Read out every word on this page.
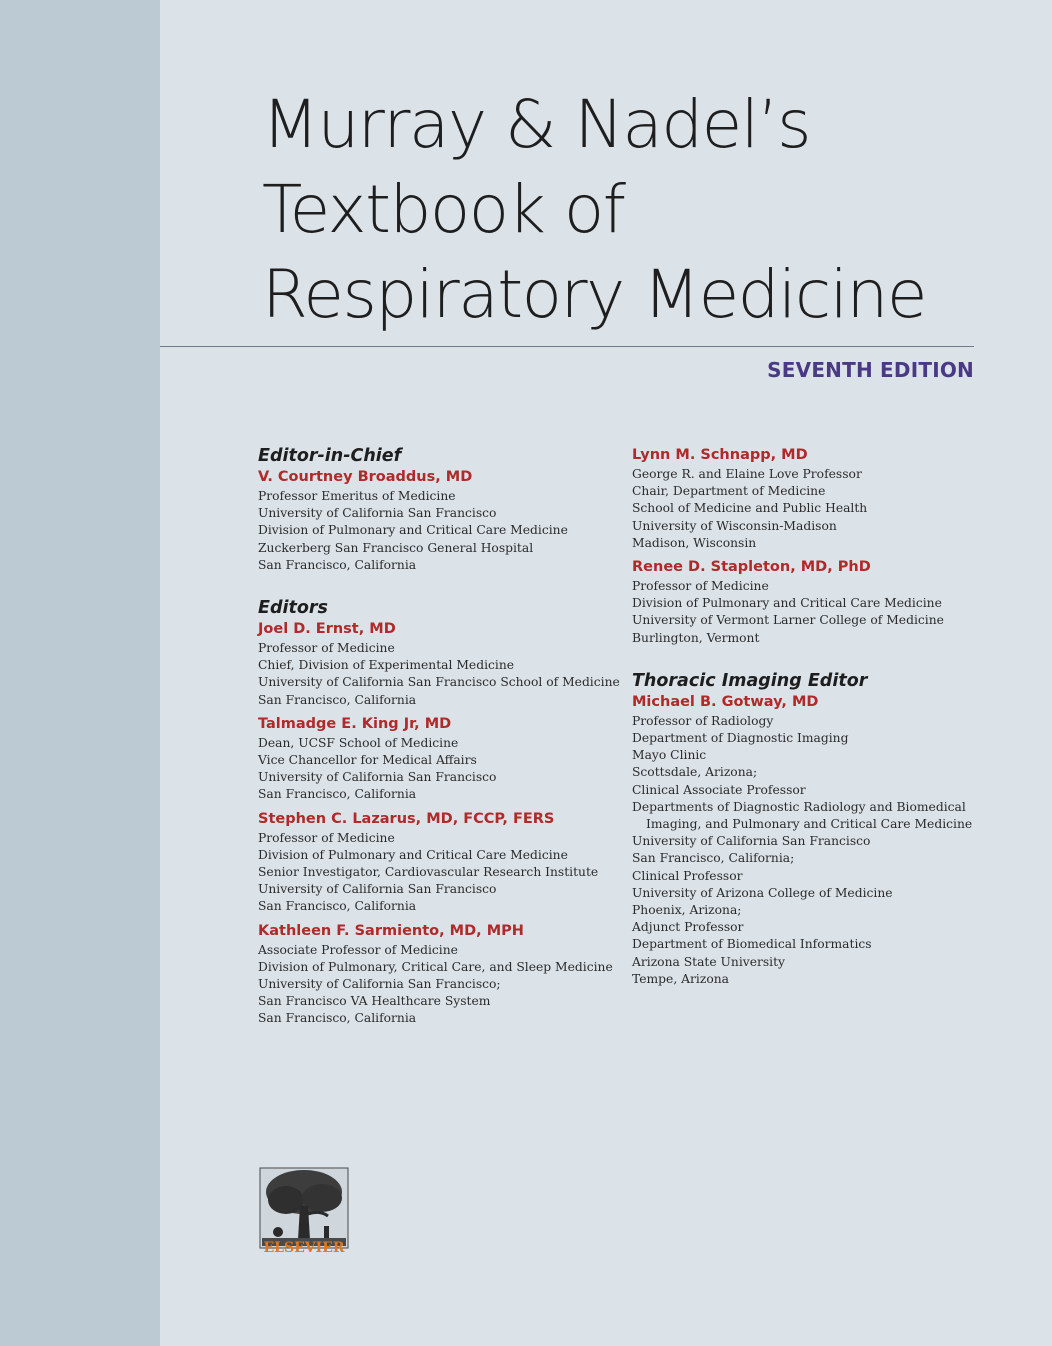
Murray & Nadel’s
Textbook of
Respiratory Medicine

SEVENTH EDITION

Editor-in-Chief

V. Courtney Broaddus, MD

Professor Emeritus of Medicine
University of California San Francisco
Division of Pulmonary and Critical Care Medicine
Zuckerberg San Francisco General Hospital
San Francisco, California
Editors

Joel D. Ernst, MD

Professor of Medicine
Chief, Division of Experimental Medicine
University of California San Francisco School of Medicine
San Francisco, California

Talmadge E. King Jr, MD

Dean, UCSF School of Medicine
Vice Chancellor for Medical Affairs
University of California San Francisco
San Francisco, California

Stephen C. Lazarus, MD, FCCP, FERS

Professor of Medicine
Division of Pulmonary and Critical Care Medicine
Senior Investigator, Cardiovascular Research Institute
University of California San Francisco
San Francisco, California

Kathleen F. Sarmiento, MD, MPH

Associate Professor of Medicine
Division of Pulmonary, Critical Care, and Sleep Medicine
University of California San Francisco;
San Francisco VA Healthcare System
San Francisco, California

Lynn M. Schnapp, MD

George R. and Elaine Love Professor
Chair, Department of Medicine
School of Medicine and Public Health
University of Wisconsin-Madison
Madison, Wisconsin

Renee D. Stapleton, MD, PhD

Professor of Medicine
Division of Pulmonary and Critical Care Medicine
University of Vermont Larner College of Medicine
Burlington, Vermont
Thoracic Imaging Editor

Michael B. Gotway, MD

Professor of Radiology
Department of Diagnostic Imaging
Mayo Clinic
Scottsdale, Arizona;
Clinical Associate Professor
Departments of Diagnostic Radiology and Biomedical
Imaging, and Pulmonary and Critical Care Medicine
University of California San Francisco
San Francisco, California;
Clinical Professor
University of Arizona College of Medicine
Phoenix, Arizona;
Adjunct Professor
Department of Biomedical Informatics
Arizona State University
Tempe, Arizona
ELSEVIER
